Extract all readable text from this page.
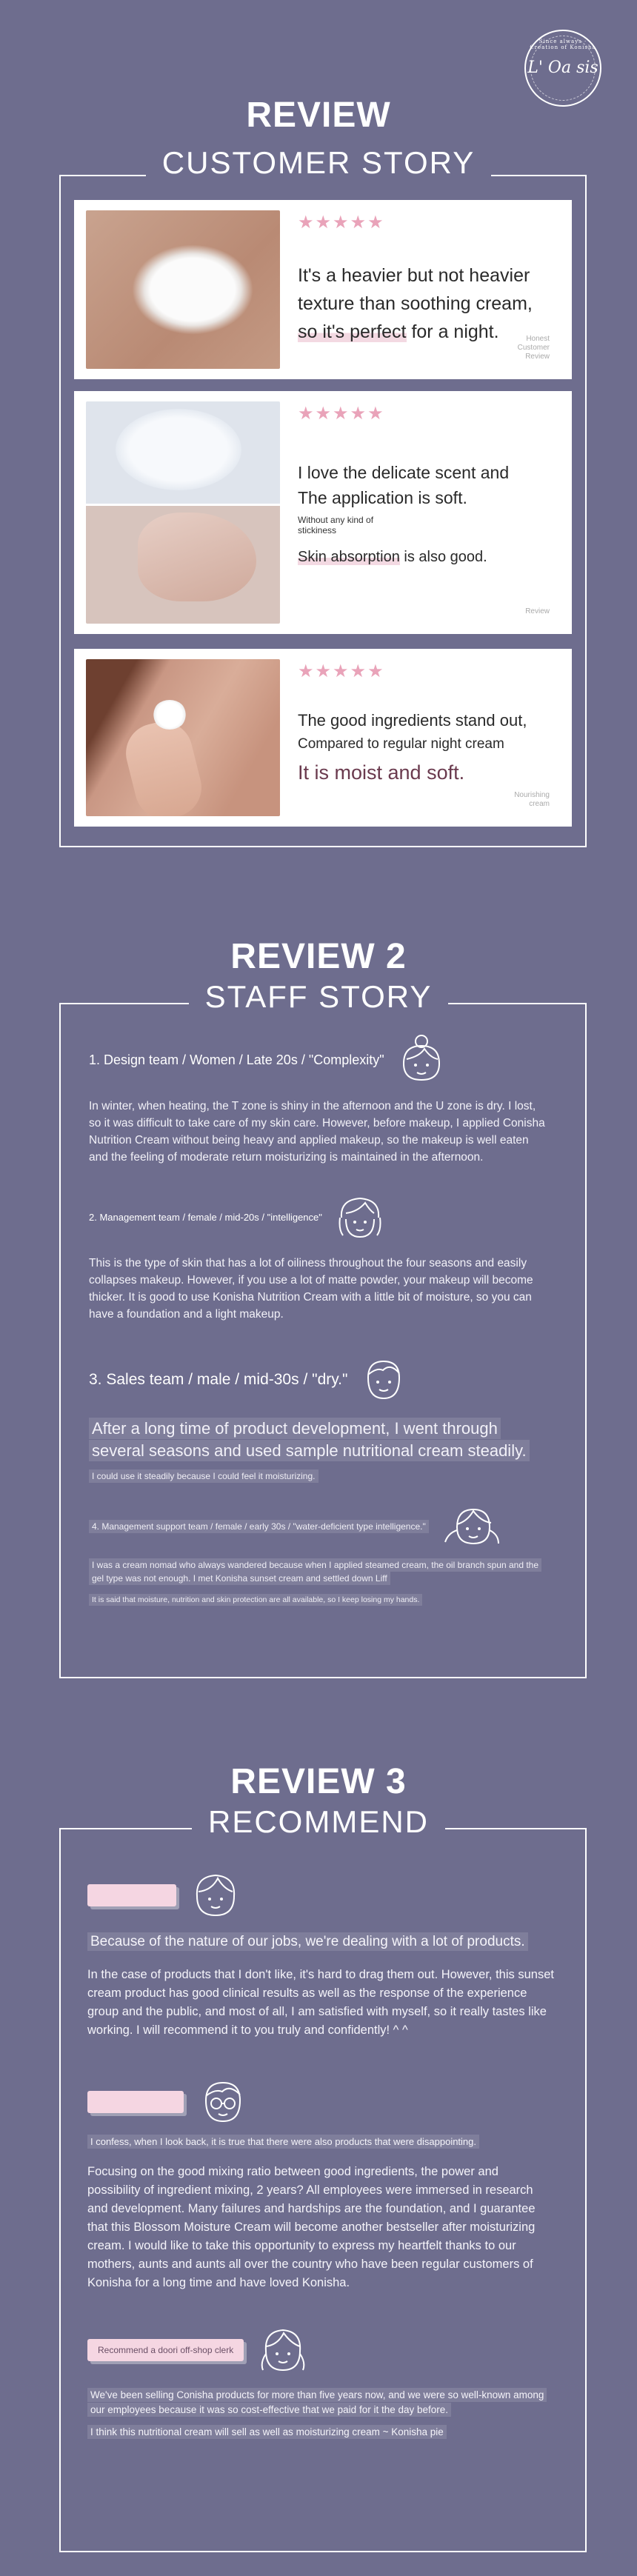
Since always · Creation of Konisha
L' Oa sis
REVIEW
CUSTOMER STORY
★★★★★
It's a heavier but not heavier
texture than soothing cream,
so it's perfect for a night.	Honest
Customer
Review
★★★★★
I love the delicate scent and
The application is soft.
Without any kind of stickiness
Skin absorption is also good.
Review
★★★★★
The good ingredients stand out,
Compared to regular night cream
It is moist and soft.
Nourishing
cream
REVIEW 2
STAFF STORY
1. Design team / Women / Late 20s / "Complexity"
In winter, when heating, the T zone is shiny in the afternoon and the U zone is dry. I lost, so it was difficult to take care of my skin care. However, before makeup, I applied Conisha Nutrition Cream without being heavy and applied makeup, so the makeup is well eaten and the feeling of moderate return moisturizing is maintained in the afternoon.
2. Management team / female / mid-20s / "intelligence"
This is the type of skin that has a lot of oiliness throughout the four seasons and easily collapses makeup. However, if you use a lot of matte powder, your makeup will become thicker. It is good to use Konisha Nutrition Cream with a little bit of moisture, so you can have a foundation and a light makeup.
3. Sales team / male / mid-30s / "dry."
After a long time of product development, I went through several seasons and used sample nutritional cream steadily.
I could use it steadily because I could feel it moisturizing.
4. Management support team / female / early 30s / "water-deficient type intelligence."
I was a cream nomad who always wandered because when I applied steamed cream, the oil branch spun and the gel type was not enough. I met Konisha sunset cream and settled down Liff
It is said that moisture, nutrition and skin protection are all available, so I keep losing my hands.
REVIEW 3
RECOMMEND
Because of the nature of our jobs, we're dealing with a lot of products.
In the case of products that I don't like, it's hard to drag them out. However, this sunset cream product has good clinical results as well as the response of the experience group and the public, and most of all, I am satisfied with myself, so it really tastes like working. I will recommend it to you truly and confidently! ^ ^
I confess, when I look back, it is true that there were also products that were disappointing.
Focusing on the good mixing ratio between good ingredients, the power and possibility of ingredient mixing, 2 years? All employees were immersed in research and development. Many failures and hardships are the foundation, and I guarantee that this Blossom Moisture Cream will become another bestseller after moisturizing cream. I would like to take this opportunity to express my heartfelt thanks to our mothers, aunts and aunts all over the country who have been regular customers of Konisha for a long time and have loved Konisha.
Recommend a doori off-shop clerk
We've been selling Conisha products for more than five years now, and we were so well-known among our employees because it was so cost-effective that we paid for it the day before.
I think this nutritional cream will sell as well as moisturizing cream ~ Konisha pie
